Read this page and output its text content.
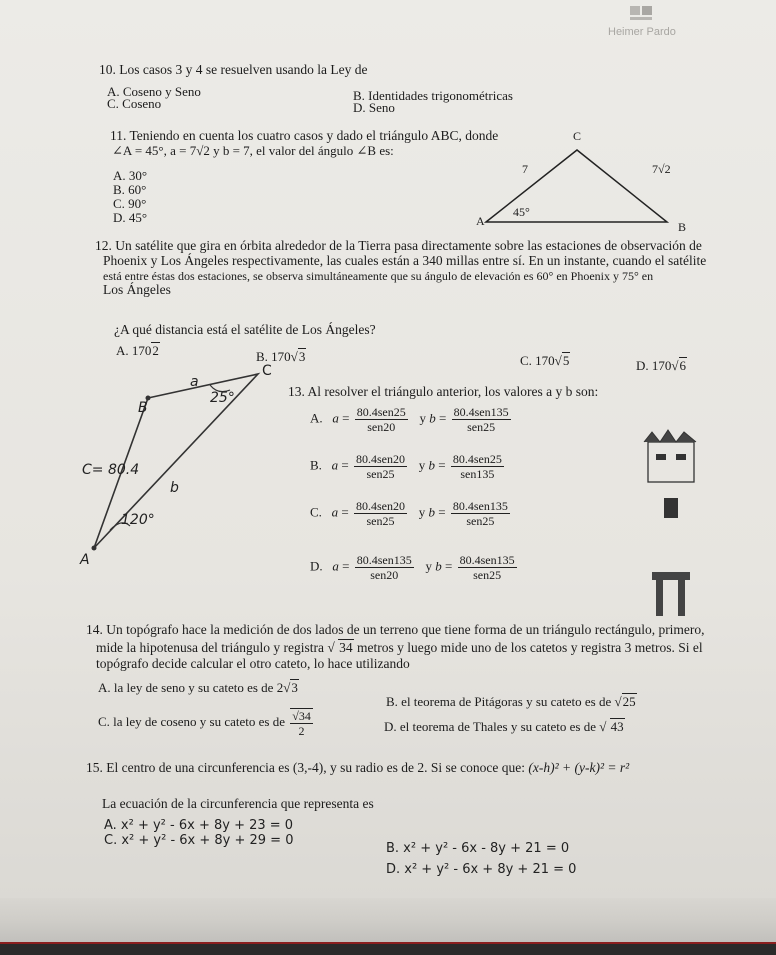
Heimer Pardo
10. Los casos 3 y 4 se resuelven usando la Ley de
A. Coseno y Seno	B. Identidades trigonométricas
C. Coseno	D. Seno
11. Teniendo en cuenta los cuatro casos y dado el triángulo ABC, donde
∠A = 45°, a = 7√2 y b = 7, el valor del ángulo ∠B es:
A. 30°
B. 60°
C. 90°
D. 45°
C
A	B
7	7√2
45°
12. Un satélite que gira en órbita alrededor de la Tierra pasa directamente sobre las estaciones de observación de
Phoenix y Los Ángeles respectivamente, las cuales están a 340 millas entre sí. En un instante, cuando el satélite
está entre éstas dos estaciones, se observa simultáneamente que su ángulo de elevación es 60° en Phoenix y 75° en
Los Ángeles
¿A qué distancia está el satélite de Los Ángeles?
A. 1702	B. 170√3	C. 170√5	D. 170√6
a
C
B
25°
C= 80.4
b
120°
A
13. Al resolver el triángulo anterior, los valores a y b son:
A. $a = \frac{\text{80.4sen25}}{\text{sen20}}$ y $b = \frac{\text{80.4sen135}}{\text{sen25}}$
B. $a = \frac{\text{80.4sen20}}{\text{sen25}}$ y $b = \frac{\text{80.4sen25}}{\text{sen135}}$
C. $a = \frac{\text{80.4sen20}}{\text{sen25}}$ y $b = \frac{\text{80.4sen135}}{\text{sen25}}$
D. $a = \frac{\text{80.4sen135}}{\text{sen20}}$ y $b = \frac{\text{80.4sen135}}{\text{sen25}}$
14. Un topógrafo hace la medición de dos lados de un terreno que tiene forma de un triángulo rectángulo, primero,
mide la hipotenusa del triángulo y registra √ 34 metros y luego mide uno de los catetos y registra 3 metros. Si el
topógrafo decide calcular el otro cateto, lo hace utilizando
A. la ley de seno y su cateto es de 2√3
B. el teorema de Pitágoras y su cateto es de √25
C. la ley de coseno y su cateto es de $\frac{√34}{2}$	D. el teorema de Thales y su cateto es de √ 43
15. El centro de una circunferencia es (3,-4), y su radio es de 2. Si se conoce que: (x-h)² + (y-k)² = r²
La ecuación de la circunferencia que representa es
A. x² + y² - 6x + 8y + 23 = 0
C. x² + y² - 6x + 8y + 29 = 0
B. x² + y² - 6x - 8y + 21 = 0
D. x² + y² - 6x + 8y + 21 = 0
